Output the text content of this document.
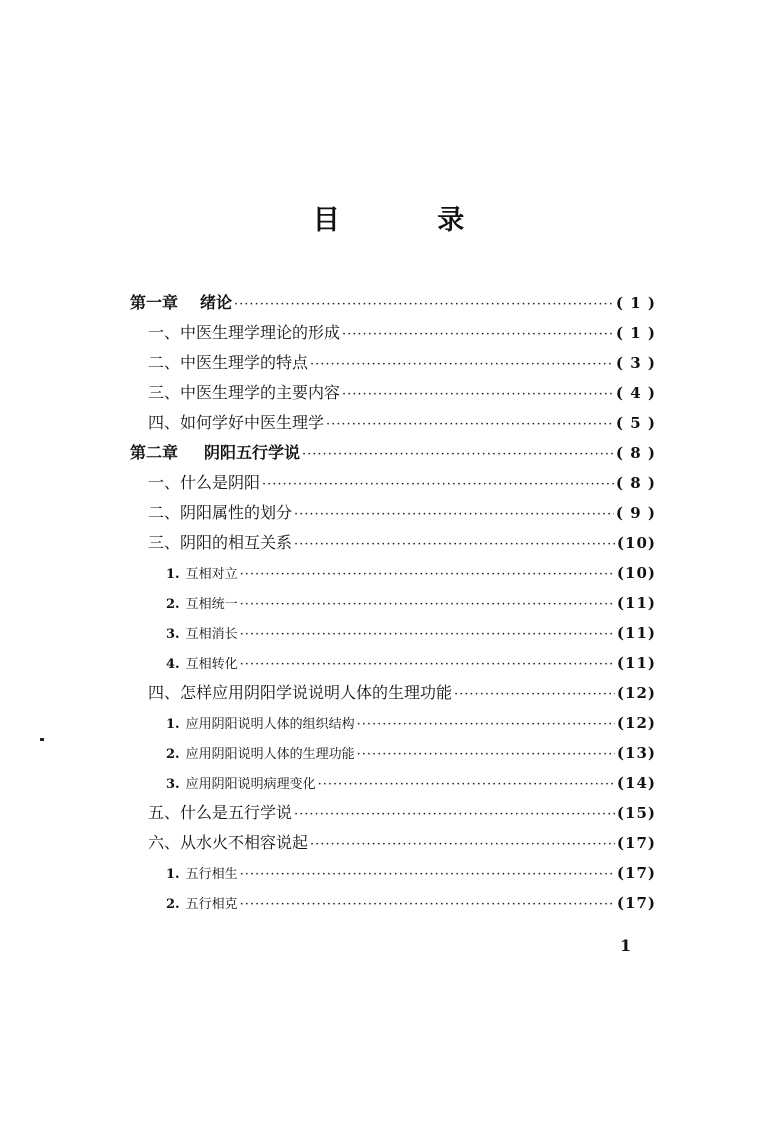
目 录
第一章 绪论 ·····	( 1 )
一、中医生理学理论的形成 ·····	( 1 )
二、中医生理学的特点 ·····	( 3 )
三、中医生理学的主要内容 ·····	( 4 )
四、如何学好中医生理学 ·····	( 5 )
第二章 阴阳五行学说 ·····	( 8 )
一、什么是阴阳 ·····	( 8 )
二、阴阳属性的划分 ·····	( 9 )
三、阴阳的相互关系 ·····	(10)
1. 互相对立 ·····	(10)
2. 互相统一 ·····	(11)
3. 互相消长 ·····	(11)
4. 互相转化 ·····	(11)
四、怎样应用阴阳学说说明人体的生理功能 ·····	(12)
1. 应用阴阳说明人体的组织结构 ·····	(12)
2. 应用阴阳说明人体的生理功能 ·····	(13)
3. 应用阴阳说明病理变化 ·····	(14)
五、什么是五行学说 ·····	(15)
六、从水火不相容说起 ·····	(17)
1. 五行相生 ·····	(17)
2. 五行相克 ·····	(17)
1
